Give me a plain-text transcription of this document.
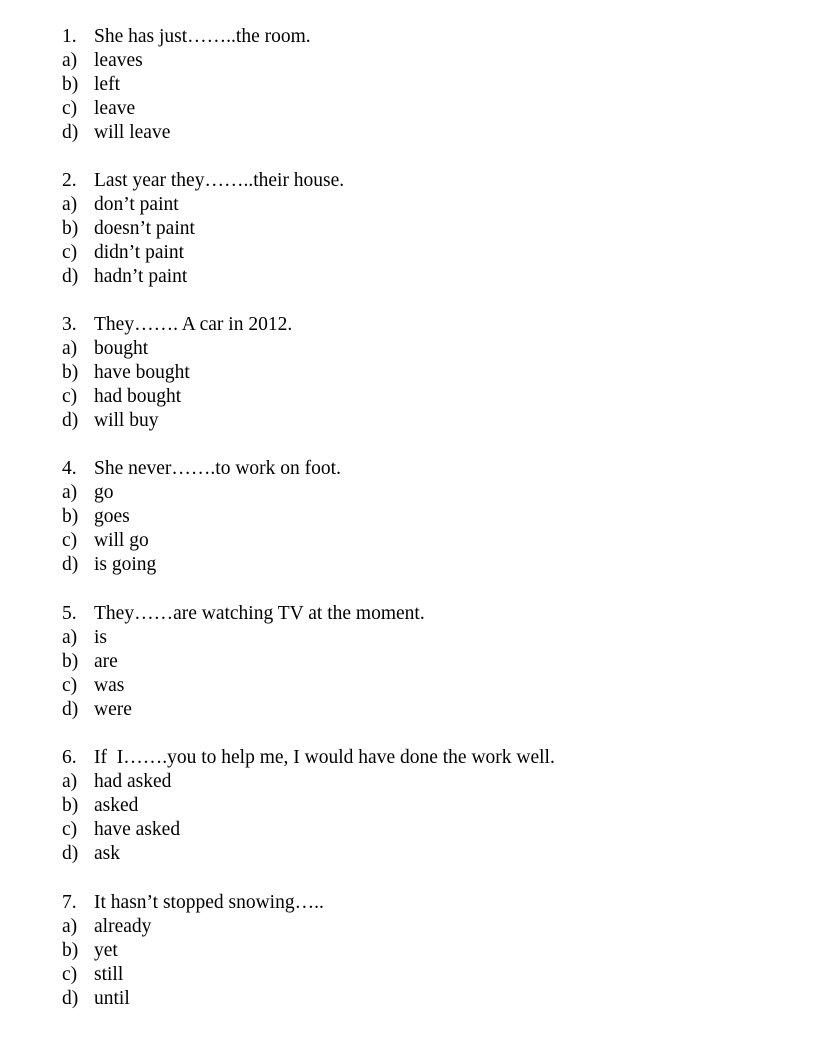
1. She has just……..the room.
a) leaves
b) left
c) leave
d) will leave
2. Last year they……..their house.
a) don’t paint
b) doesn’t paint
c) didn’t paint
d) hadn’t paint
3. They……. A car in 2012.
a) bought
b) have bought
c) had bought
d) will buy
4. She never…….to work on foot.
a) go
b) goes
c) will go
d) is going
5. They……are watching TV at the moment.
a) is
b) are
c) was
d) were
6. If  I…….you to help me, I would have done the work well.
a) had asked
b) asked
c) have asked
d) ask
7. It hasn’t stopped snowing…..
a) already
b) yet
c) still
d) until
